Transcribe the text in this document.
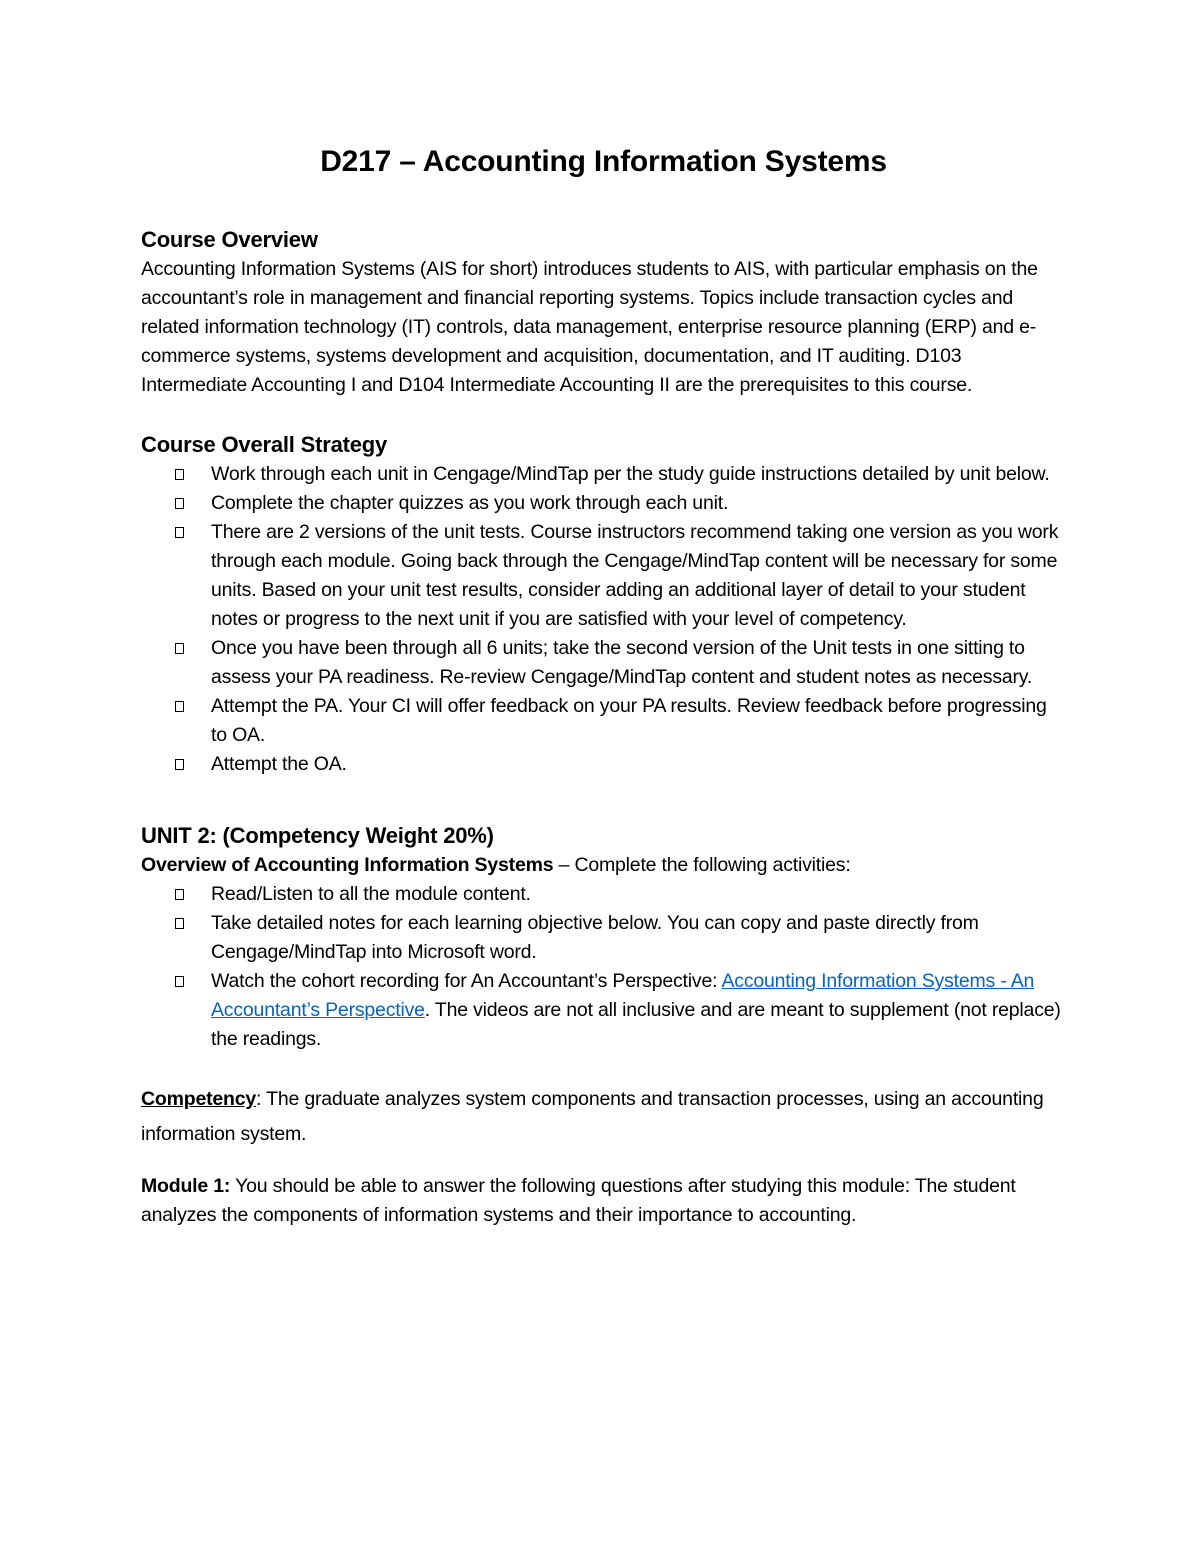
D217 – Accounting Information Systems
Course Overview

Accounting Information Systems (AIS for short) introduces students to AIS, with particular emphasis on the accountant’s role in management and financial reporting systems. Topics include transaction cycles and related information technology (IT) controls, data management, enterprise resource planning (ERP) and e-commerce systems, systems development and acquisition, documentation, and IT auditing. D103 Intermediate Accounting I and D104 Intermediate Accounting II are the prerequisites to this course.

Course Overall Strategy
Work through each unit in Cengage/MindTap per the study guide instructions detailed by unit below.
Complete the chapter quizzes as you work through each unit.
There are 2 versions of the unit tests. Course instructors recommend taking one version as you work through each module. Going back through the Cengage/MindTap content will be necessary for some units. Based on your unit test results, consider adding an additional layer of detail to your student notes or progress to the next unit if you are satisfied with your level of competency.
Once you have been through all 6 units; take the second version of the Unit tests in one sitting to assess your PA readiness. Re-review Cengage/MindTap content and student notes as necessary.
Attempt the PA. Your CI will offer feedback on your PA results. Review feedback before progressing to OA.
Attempt the OA.
UNIT 2: (Competency Weight 20%)

Overview of Accounting Information Systems – Complete the following activities:

Read/Listen to all the module content.
Take detailed notes for each learning objective below. You can copy and paste directly from Cengage/MindTap into Microsoft word.
Watch the cohort recording for An Accountant’s Perspective: Accounting Information Systems - An Accountant’s Perspective. The videos are not all inclusive and are meant to supplement (not replace) the readings.

Competency: The graduate analyzes system components and transaction processes, using an accounting information system.

Module 1: You should be able to answer the following questions after studying this module: The student analyzes the components of information systems and their importance to accounting.
